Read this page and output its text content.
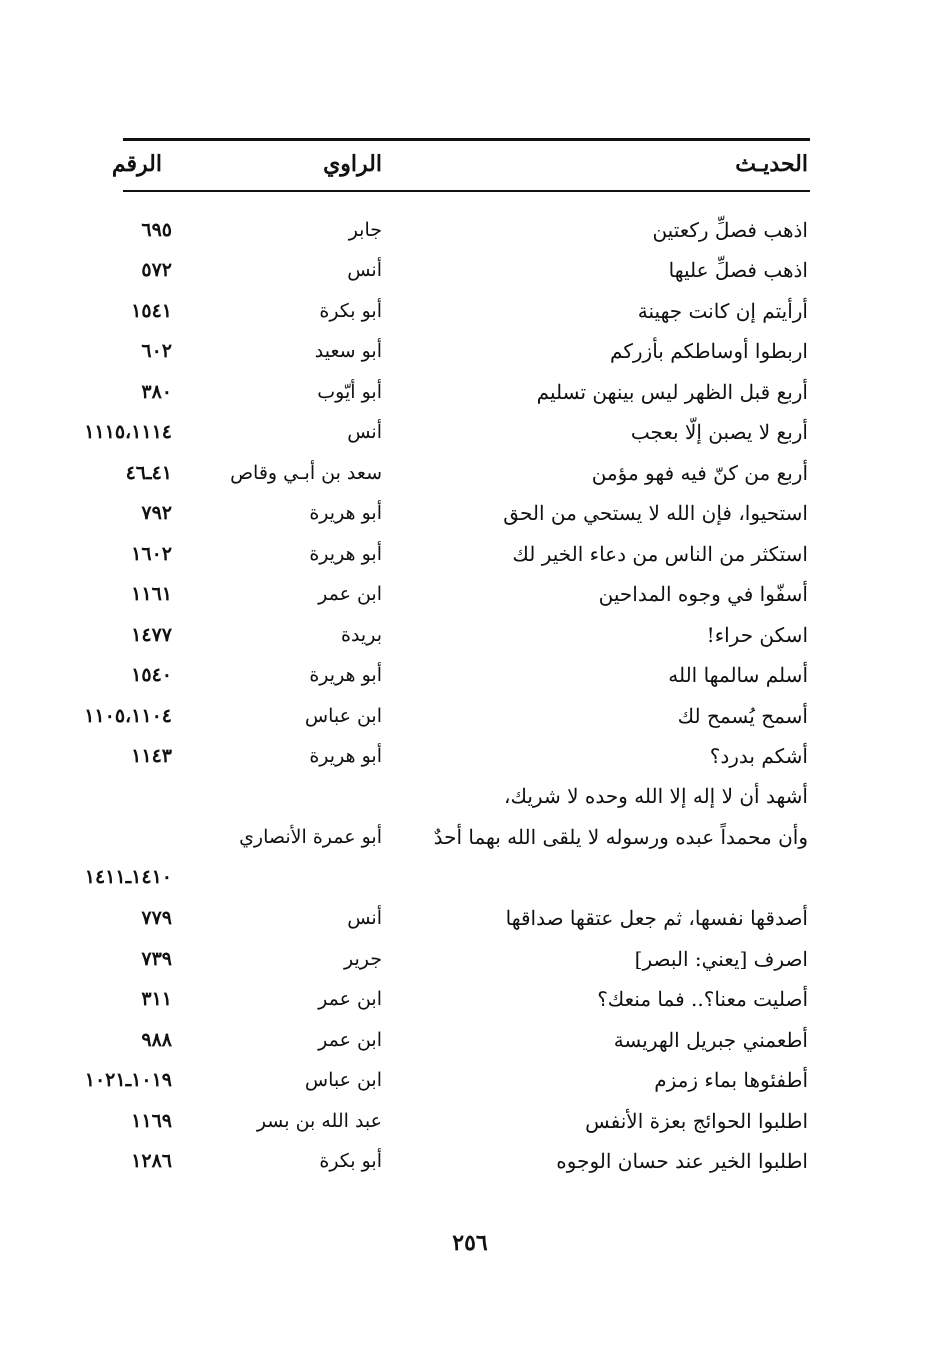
الحديـث
الراوي
الرقم
اذهب فصلِّ ركعتين
جابر
٦٩٥
اذهب فصلِّ عليها
أنس
٥٧٢
أرأيتم إن كانت جهينة
أبو بكرة
١٥٤١
اربطوا أوساطكم بأزركم
أبو سعيد
٦٠٢
أربع قبل الظهر ليس بينهن تسليم
أبو أيّوب
٣٨٠
أربع لا يصبن إلّا بعجب
أنس
١١١٥،١١١٤
أربع من كنّ فيه فهو مؤمن
سعد بن أبـي وقاص
٤١ـ٤٦
استحيوا، فإن الله لا يستحي من الحق
أبو هريرة
٧٩٢
استكثر من الناس من دعاء الخير لك
أبو هريرة
١٦٠٢
أسفّوا في وجوه المداحين
ابن عمر
١١٦١
اسكن حراء!
بريدة
١٤٧٧
أسلم سالمها الله
أبو هريرة
١٥٤٠
أسمح يُسمح لك
ابن عباس
١١٠٥،١١٠٤
أشكم بدرد؟
أبو هريرة
١١٤٣
أشهد أن لا إله إلا الله وحده لا شريك،
وأن محمداً عبده ورسوله لا يلقى الله بهما أحدٌ
أبو عمرة الأنصاري
١٤١٠ـ١٤١١
أصدقها نفسها، ثم جعل عتقها صداقها
أنس
٧٧٩
اصرف [يعني: البصر]
جرير
٧٣٩
أصليت معنا؟.. فما منعك؟
ابن عمر
٣١١
أطعمني جبريل الهريسة
ابن عمر
٩٨٨
أطفئوها بماء زمزم
ابن عباس
١٠١٩ـ١٠٢١
اطلبوا الحوائج بعزة الأنفس
عبد الله بن بسر
١١٦٩
اطلبوا الخير عند حسان الوجوه
أبو بكرة
١٢٨٦
٢٥٦
